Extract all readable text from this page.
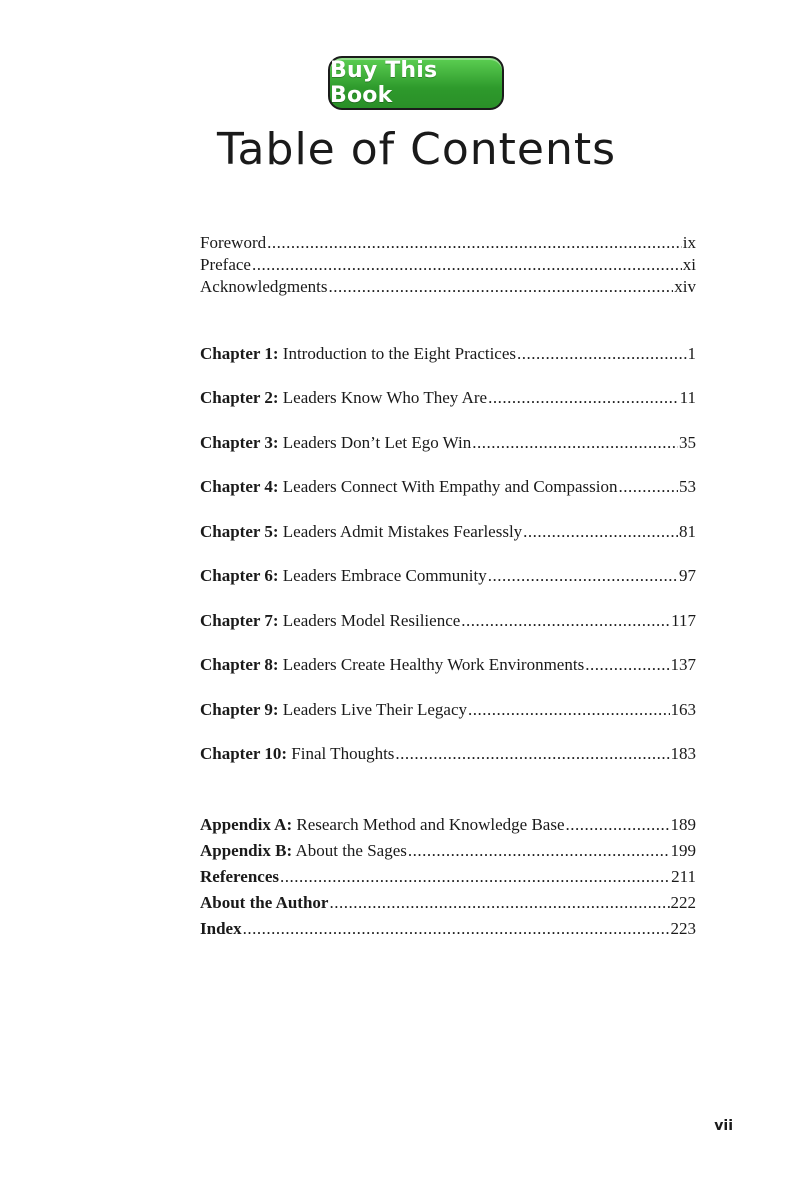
Buy This Book
Table of Contents
Foreword .....	ix
Preface .....	xi
Acknowledgments .....	xiv
Chapter 1: Introduction to the Eight Practices .....	1
Chapter 2: Leaders Know Who They Are .....	11
Chapter 3: Leaders Don’t Let Ego Win .....	35
Chapter 4: Leaders Connect With Empathy and Compassion .....	53
Chapter 5: Leaders Admit Mistakes Fearlessly .....	81
Chapter 6: Leaders Embrace Community .....	97
Chapter 7: Leaders Model Resilience .....	117
Chapter 8: Leaders Create Healthy Work Environments .....	137
Chapter 9: Leaders Live Their Legacy .....	163
Chapter 10: Final Thoughts .....	183
Appendix A: Research Method and Knowledge Base .....	189
Appendix B: About the Sages .....	199
References .....	211
About the Author .....	222
Index .....	223
vii
